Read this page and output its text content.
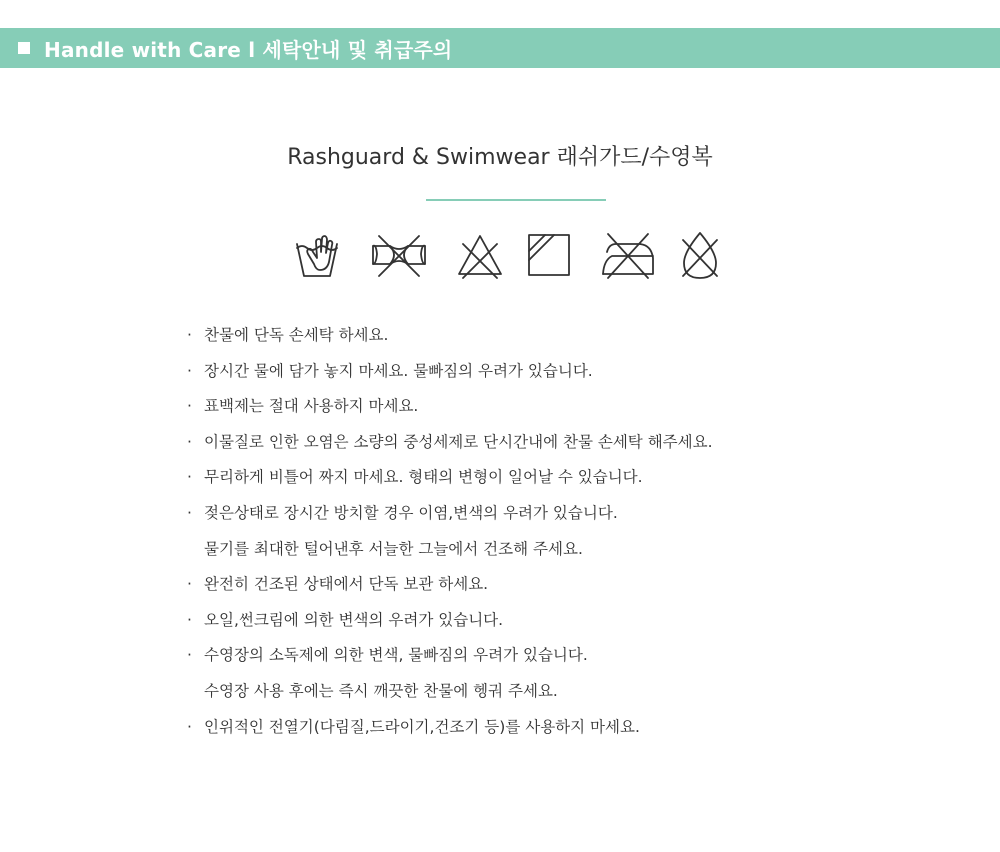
Handle with Care l 세탁안내 및 취급주의
Rashguard & Swimwear 래쉬가드/수영복
· 찬물에 단독 손세탁 하세요.
· 장시간 물에 담가 놓지 마세요. 물빠짐의 우려가 있습니다.
· 표백제는 절대 사용하지 마세요.
· 이물질로 인한 오염은 소량의 중성세제로 단시간내에 찬물 손세탁 해주세요.
· 무리하게 비틀어 짜지 마세요. 형태의 변형이 일어날 수 있습니다.
· 젖은상태로 장시간 방치할 경우 이염,변색의 우려가 있습니다.
물기를 최대한 털어낸후 서늘한 그늘에서 건조해 주세요.
· 완전히 건조된 상태에서 단독 보관 하세요.
· 오일,썬크림에 의한 변색의 우려가 있습니다.
· 수영장의 소독제에 의한 변색, 물빠짐의 우려가 있습니다.
수영장 사용 후에는 즉시 깨끗한 찬물에 헹궈 주세요.
· 인위적인 전열기(다림질,드라이기,건조기 등)를 사용하지 마세요.
